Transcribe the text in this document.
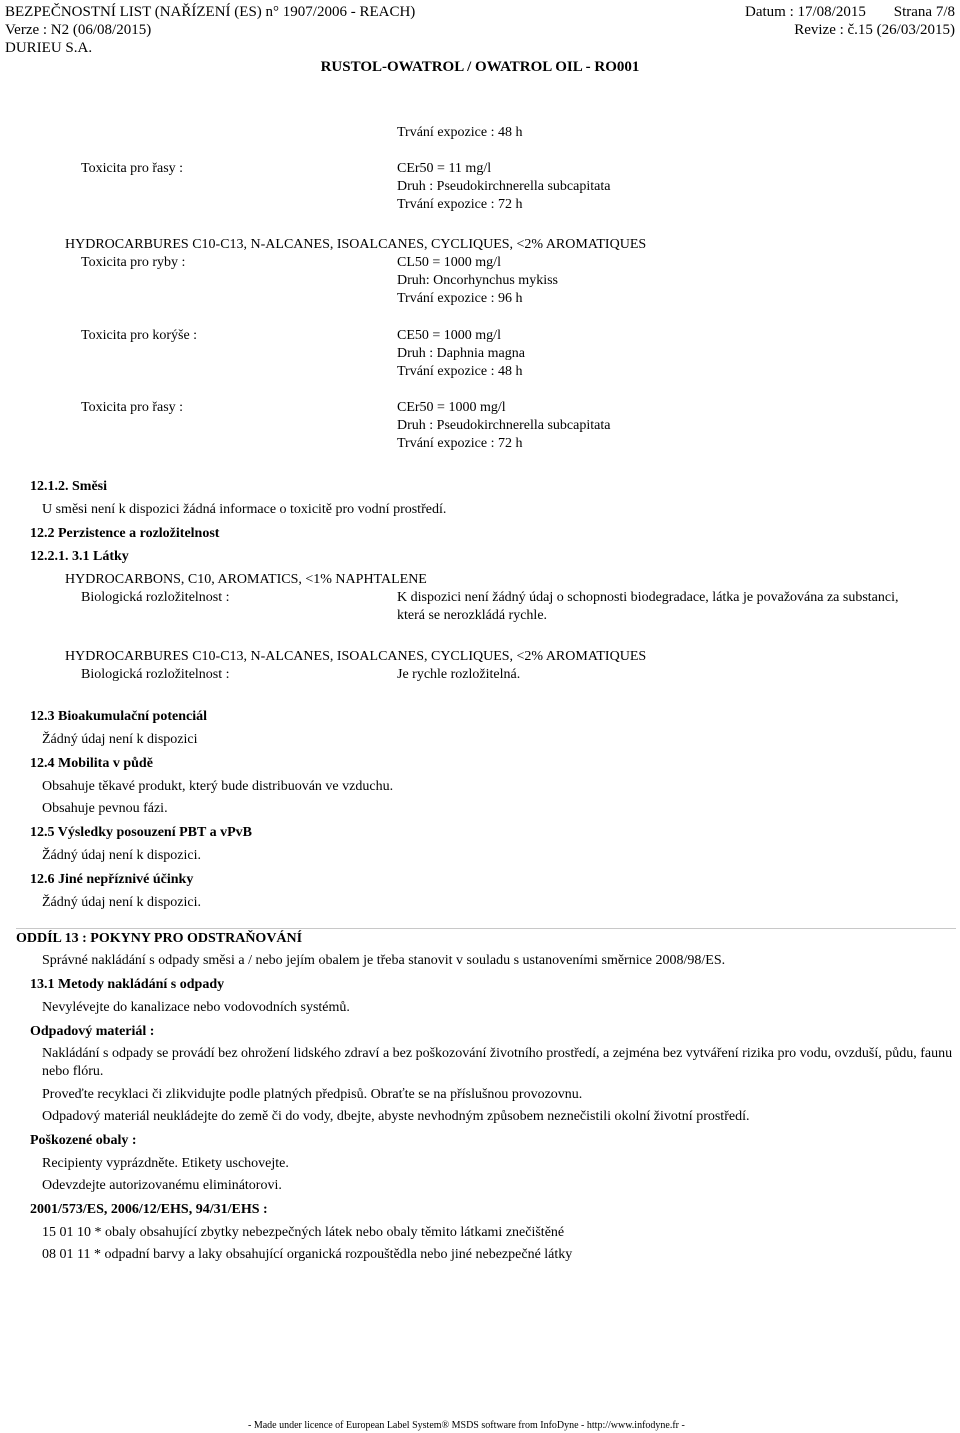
BEZPEČNOSTNÍ LIST (NAŘÍZENÍ (ES) n° 1907/2006 - REACH)	Datum : 17/08/2015	Strana 7/8
Verze : N2 (06/08/2015)	Revize : č.15 (26/03/2015)
DURIEU S.A.
RUSTOL-OWATROL / OWATROL OIL - RO001
Trvání expozice : 48 h
Toxicita pro řasy :	CEr50 = 11 mg/l
Druh : Pseudokirchnerella subcapitata
Trvání expozice : 72 h
HYDROCARBURES C10-C13, N-ALCANES, ISOALCANES, CYCLIQUES, <2% AROMATIQUES
Toxicita pro ryby :	CL50 = 1000 mg/l
Druh: Oncorhynchus mykiss
Trvání expozice : 96 h
Toxicita pro korýše :	CE50 = 1000 mg/l
Druh : Daphnia magna
Trvání expozice : 48 h
Toxicita pro řasy :	CEr50 = 1000 mg/l
Druh : Pseudokirchnerella subcapitata
Trvání expozice : 72 h
12.1.2. Směsi
U směsi není k dispozici žádná informace o toxicitě pro vodní prostředí.
12.2 Perzistence a rozložitelnost
12.2.1. 3.1 Látky
HYDROCARBONS, C10, AROMATICS, <1% NAPHTALENE
Biologická rozložitelnost :	K dispozici není žádný údaj o schopnosti biodegradace, látka je považována za substanci, která se nerozkládá rychle.
HYDROCARBURES C10-C13, N-ALCANES, ISOALCANES, CYCLIQUES, <2% AROMATIQUES
Biologická rozložitelnost :	Je rychle rozložitelná.
12.3 Bioakumulační potenciál
Žádný údaj není k dispozici
12.4 Mobilita v půdě
Obsahuje těkavé produkt, který bude distribuován ve vzduchu.
Obsahuje pevnou fázi.
12.5 Výsledky posouzení PBT a vPvB
Žádný údaj není k dispozici.
12.6 Jiné nepříznivé účinky
Žádný údaj není k dispozici.
ODDÍL 13 : POKYNY PRO ODSTRAŇOVÁNÍ
Správné nakládání s odpady směsi a / nebo jejím obalem je třeba stanovit v souladu s ustanoveními směrnice 2008/98/ES.
13.1 Metody nakládání s odpady
Nevylévejte do kanalizace nebo vodovodních systémů.
Odpadový materiál :
Nakládání s odpady se provádí bez ohrožení lidského zdraví a bez poškozování životního prostředí, a zejména bez vytváření rizika pro vodu, ovzduší, půdu, faunu nebo flóru.
Proveďte recyklaci či zlikvidujte podle platných předpisů. Obraťte se na příslušnou provozovnu.
Odpadový materiál neukládejte do země či do vody, dbejte, abyste nevhodným způsobem neznečistili okolní životní prostředí.
Poškozené obaly :
Recipienty vyprázdněte. Etikety uschovejte.
Odevzdejte autorizovanému eliminátorovi.
2001/573/ES, 2006/12/EHS, 94/31/EHS :
15 01 10 * obaly obsahující zbytky nebezpečných látek nebo obaly těmito látkami znečištěné
08 01 11 * odpadní barvy a laky obsahující organická rozpouštědla nebo jiné nebezpečné látky
- Made under licence of European Label System® MSDS software from InfoDyne - http://www.infodyne.fr -
